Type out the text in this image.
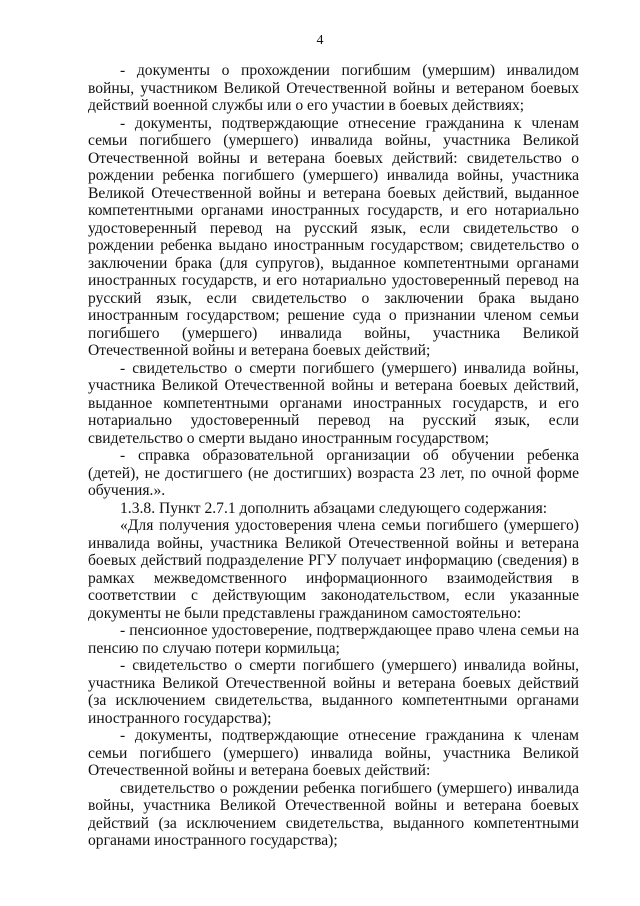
4

- документы о прохождении погибшим (умершим) инвалидом войны, участником Великой Отечественной войны и ветераном боевых действий военной службы или о его участии в боевых действиях;

- документы, подтверждающие отнесение гражданина к членам семьи погибшего (умершего) инвалида войны, участника Великой Отечественной войны и ветерана боевых действий: свидетельство о рождении ребенка погибшего (умершего) инвалида войны, участника Великой Отечественной войны и ветерана боевых действий, выданное компетентными органами иностранных государств, и его нотариально удостоверенный перевод на русский язык, если свидетельство о рождении ребенка выдано иностранным государством; свидетельство о заключении брака (для супругов), выданное компетентными органами иностранных государств, и его нотариально удостоверенный перевод на русский язык, если свидетельство о заключении брака выдано иностранным государством; решение суда о признании членом семьи погибшего (умершего) инвалида войны, участника Великой Отечественной войны и ветерана боевых действий;

- свидетельство о смерти погибшего (умершего) инвалида войны, участника Великой Отечественной войны и ветерана боевых действий, выданное компетентными органами иностранных государств, и его нотариально удостоверенный перевод на русский язык, если свидетельство о смерти выдано иностранным государством;

- справка образовательной организации об обучении ребенка (детей), не достигшего (не достигших) возраста 23 лет, по очной форме обучения.».

1.3.8. Пункт 2.7.1 дополнить абзацами следующего содержания:

«Для получения удостоверения члена семьи погибшего (умершего) инвалида войны, участника Великой Отечественной войны и ветерана боевых действий подразделение РГУ получает информацию (сведения) в рамках межведомственного информационного взаимодействия в соответствии с действующим законодательством, если указанные документы не были представлены гражданином самостоятельно:

- пенсионное удостоверение, подтверждающее право члена семьи на пенсию по случаю потери кормильца;

- свидетельство о смерти погибшего (умершего) инвалида войны, участника Великой Отечественной войны и ветерана боевых действий (за исключением свидетельства, выданного компетентными органами иностранного государства);

- документы, подтверждающие отнесение гражданина к членам семьи погибшего (умершего) инвалида войны, участника Великой Отечественной войны и ветерана боевых действий:

свидетельство о рождении ребенка погибшего (умершего) инвалида войны, участника Великой Отечественной войны и ветерана боевых действий (за исключением свидетельства, выданного компетентными органами иностранного государства);
